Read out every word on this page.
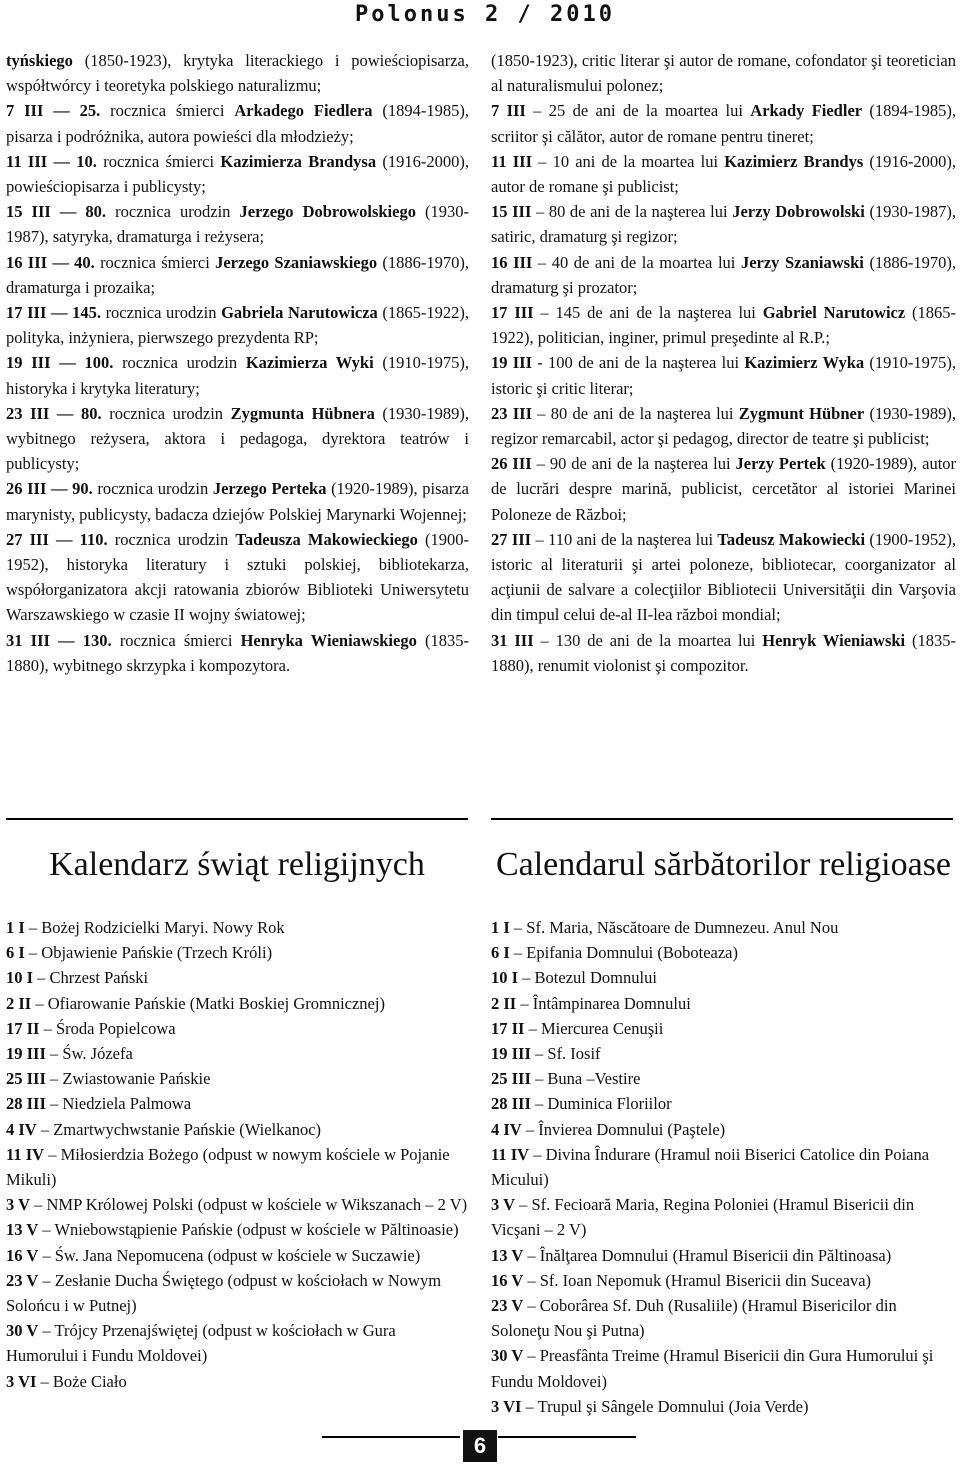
Polonus 2 / 2010

tyńskiego (1850-1923), krytyka literackiego i powieściopisarza, współtwórcy i teoretyka polskiego naturalizmu;

7 III — 25. rocznica śmierci Arkadego Fiedlera (1894-1985), pisarza i podróżnika, autora powieści dla młodzieży;

11 III — 10. rocznica śmierci Kazimierza Brandysa (1916-2000), powieściopisarza i publicysty;

15 III — 80. rocznica urodzin Jerzego Dobrowolskiego (1930-1987), satyryka, dramaturga i reżysera;

16 III — 40. rocznica śmierci Jerzego Szaniawskiego (1886-1970), dramaturga i prozaika;

17 III — 145. rocznica urodzin Gabriela Narutowicza (1865-1922), polityka, inżyniera, pierwszego prezydenta RP;

19 III — 100. rocznica urodzin Kazimierza Wyki (1910-1975), historyka i krytyka literatury;

23 III — 80. rocznica urodzin Zygmunta Hübnera (1930-1989), wybitnego reżysera, aktora i pedagoga, dyrektora teatrów i publicysty;

26 III — 90. rocznica urodzin Jerzego Perteka (1920-1989), pisarza marynisty, publicysty, badacza dziejów Polskiej Marynarki Wojennej;

27 III — 110. rocznica urodzin Tadeusza Makowieckiego (1900-1952), historyka literatury i sztuki polskiej, bibliotekarza, współorganizatora akcji ratowania zbiorów Biblioteki Uniwersytetu Warszawskiego w czasie II wojny światowej;

31 III — 130. rocznica śmierci Henryka Wieniawskiego (1835-1880), wybitnego skrzypka i kompozytora.

(1850-1923), critic literar şi autor de romane, cofondator şi teoretician al naturalismului polonez;

7 III – 25 de ani de la moartea lui Arkady Fiedler (1894-1985), scriitor şi călător, autor de romane pentru tineret;

11 III – 10 ani de la moartea lui Kazimierz Brandys (1916-2000), autor de romane şi publicist;

15 III – 80 de ani de la naşterea lui Jerzy Dobrowolski (1930-1987), satiric, dramaturg şi regizor;

16 III – 40 de ani de la moartea lui Jerzy Szaniawski (1886-1970), dramaturg şi prozator;

17 III – 145 de ani de la naşterea lui Gabriel Narutowicz (1865-1922), politician, inginer, primul preşedinte al R.P.;

19 III - 100 de ani de la naşterea lui Kazimierz Wyka (1910-1975), istoric şi critic literar;

23 III – 80 de ani de la naşterea lui Zygmunt Hübner (1930-1989), regizor remarcabil, actor şi pedagog, director de teatre şi publicist;

26 III – 90 de ani de la naşterea lui Jerzy Pertek (1920-1989), autor de lucrări despre marină, publicist, cercetător al istoriei Marinei Poloneze de Război;

27 III – 110 ani de la naşterea lui Tadeusz Makowiecki (1900-1952), istoric al literaturii şi artei poloneze, bibliotecar, coorganizator al acţiunii de salvare a colecţiilor Bibliotecii Universităţii din Varşovia din timpul celui de-al II-lea război mondial;

31 III – 130 de ani de la moartea lui Henryk Wieniawski (1835-1880), renumit violonist şi compozitor.

Kalendarz świąt religijnych	Calendarul sărbătorilor religioase

1 I – Bożej Rodzicielki Maryi. Nowy Rok

6 I – Objawienie Pańskie (Trzech Króli)

10 I – Chrzest Pański

2 II – Ofiarowanie Pańskie (Matki Boskiej Gromnicznej)

17 II – Środa Popielcowa

19 III – Św. Józefa

25 III – Zwiastowanie Pańskie

28 III – Niedziela Palmowa

4 IV – Zmartwychwstanie Pańskie (Wielkanoc)

11 IV – Miłosierdzia Bożego (odpust w nowym kościele w Pojanie Mikuli)

3 V – NMP Królowej Polski (odpust w kościele w Wikszanach – 2 V)

13 V – Wniebowstąpienie Pańskie (odpust w kościele w Păltinoasie)

16 V – Św. Jana Nepomucena (odpust w kościele w Suczawie)

23 V – Zesłanie Ducha Świętego (odpust w kościołach w Nowym Solońcu i w Putnej)

30 V – Trójcy Przenajświętej (odpust w kościołach w Gura Humorului i Fundu Moldovei)

3 VI – Boże Ciało

1 I – Sf. Maria, Născătoare de Dumnezeu. Anul Nou

6 I – Epifania Domnului (Boboteaza)

10 I – Botezul Domnului

2 II – Întâmpinarea Domnului

17 II – Miercurea Cenuşii

19 III – Sf. Iosif

25 III – Buna –Vestire

28 III – Duminica Floriilor

4 IV – Învierea Domnului (Paştele)

11 IV – Divina Îndurare (Hramul noii Biserici Catolice din Poiana Micului)

3 V – Sf. Fecioară Maria, Regina Poloniei (Hramul Bisericii din Vicşani – 2 V)

13 V – Înălţarea Domnului (Hramul Bisericii din Păltinoasa)

16 V – Sf. Ioan Nepomuk (Hramul Bisericii din Suceava)

23 V – Coborârea Sf. Duh (Rusaliile) (Hramul Bisericilor din Soloneţu Nou şi Putna)

30 V – Preasfânta Treime (Hramul Bisericii din Gura Humorului şi Fundu Moldovei)

3 VI – Trupul şi Sângele Domnului (Joia Verde)

6
